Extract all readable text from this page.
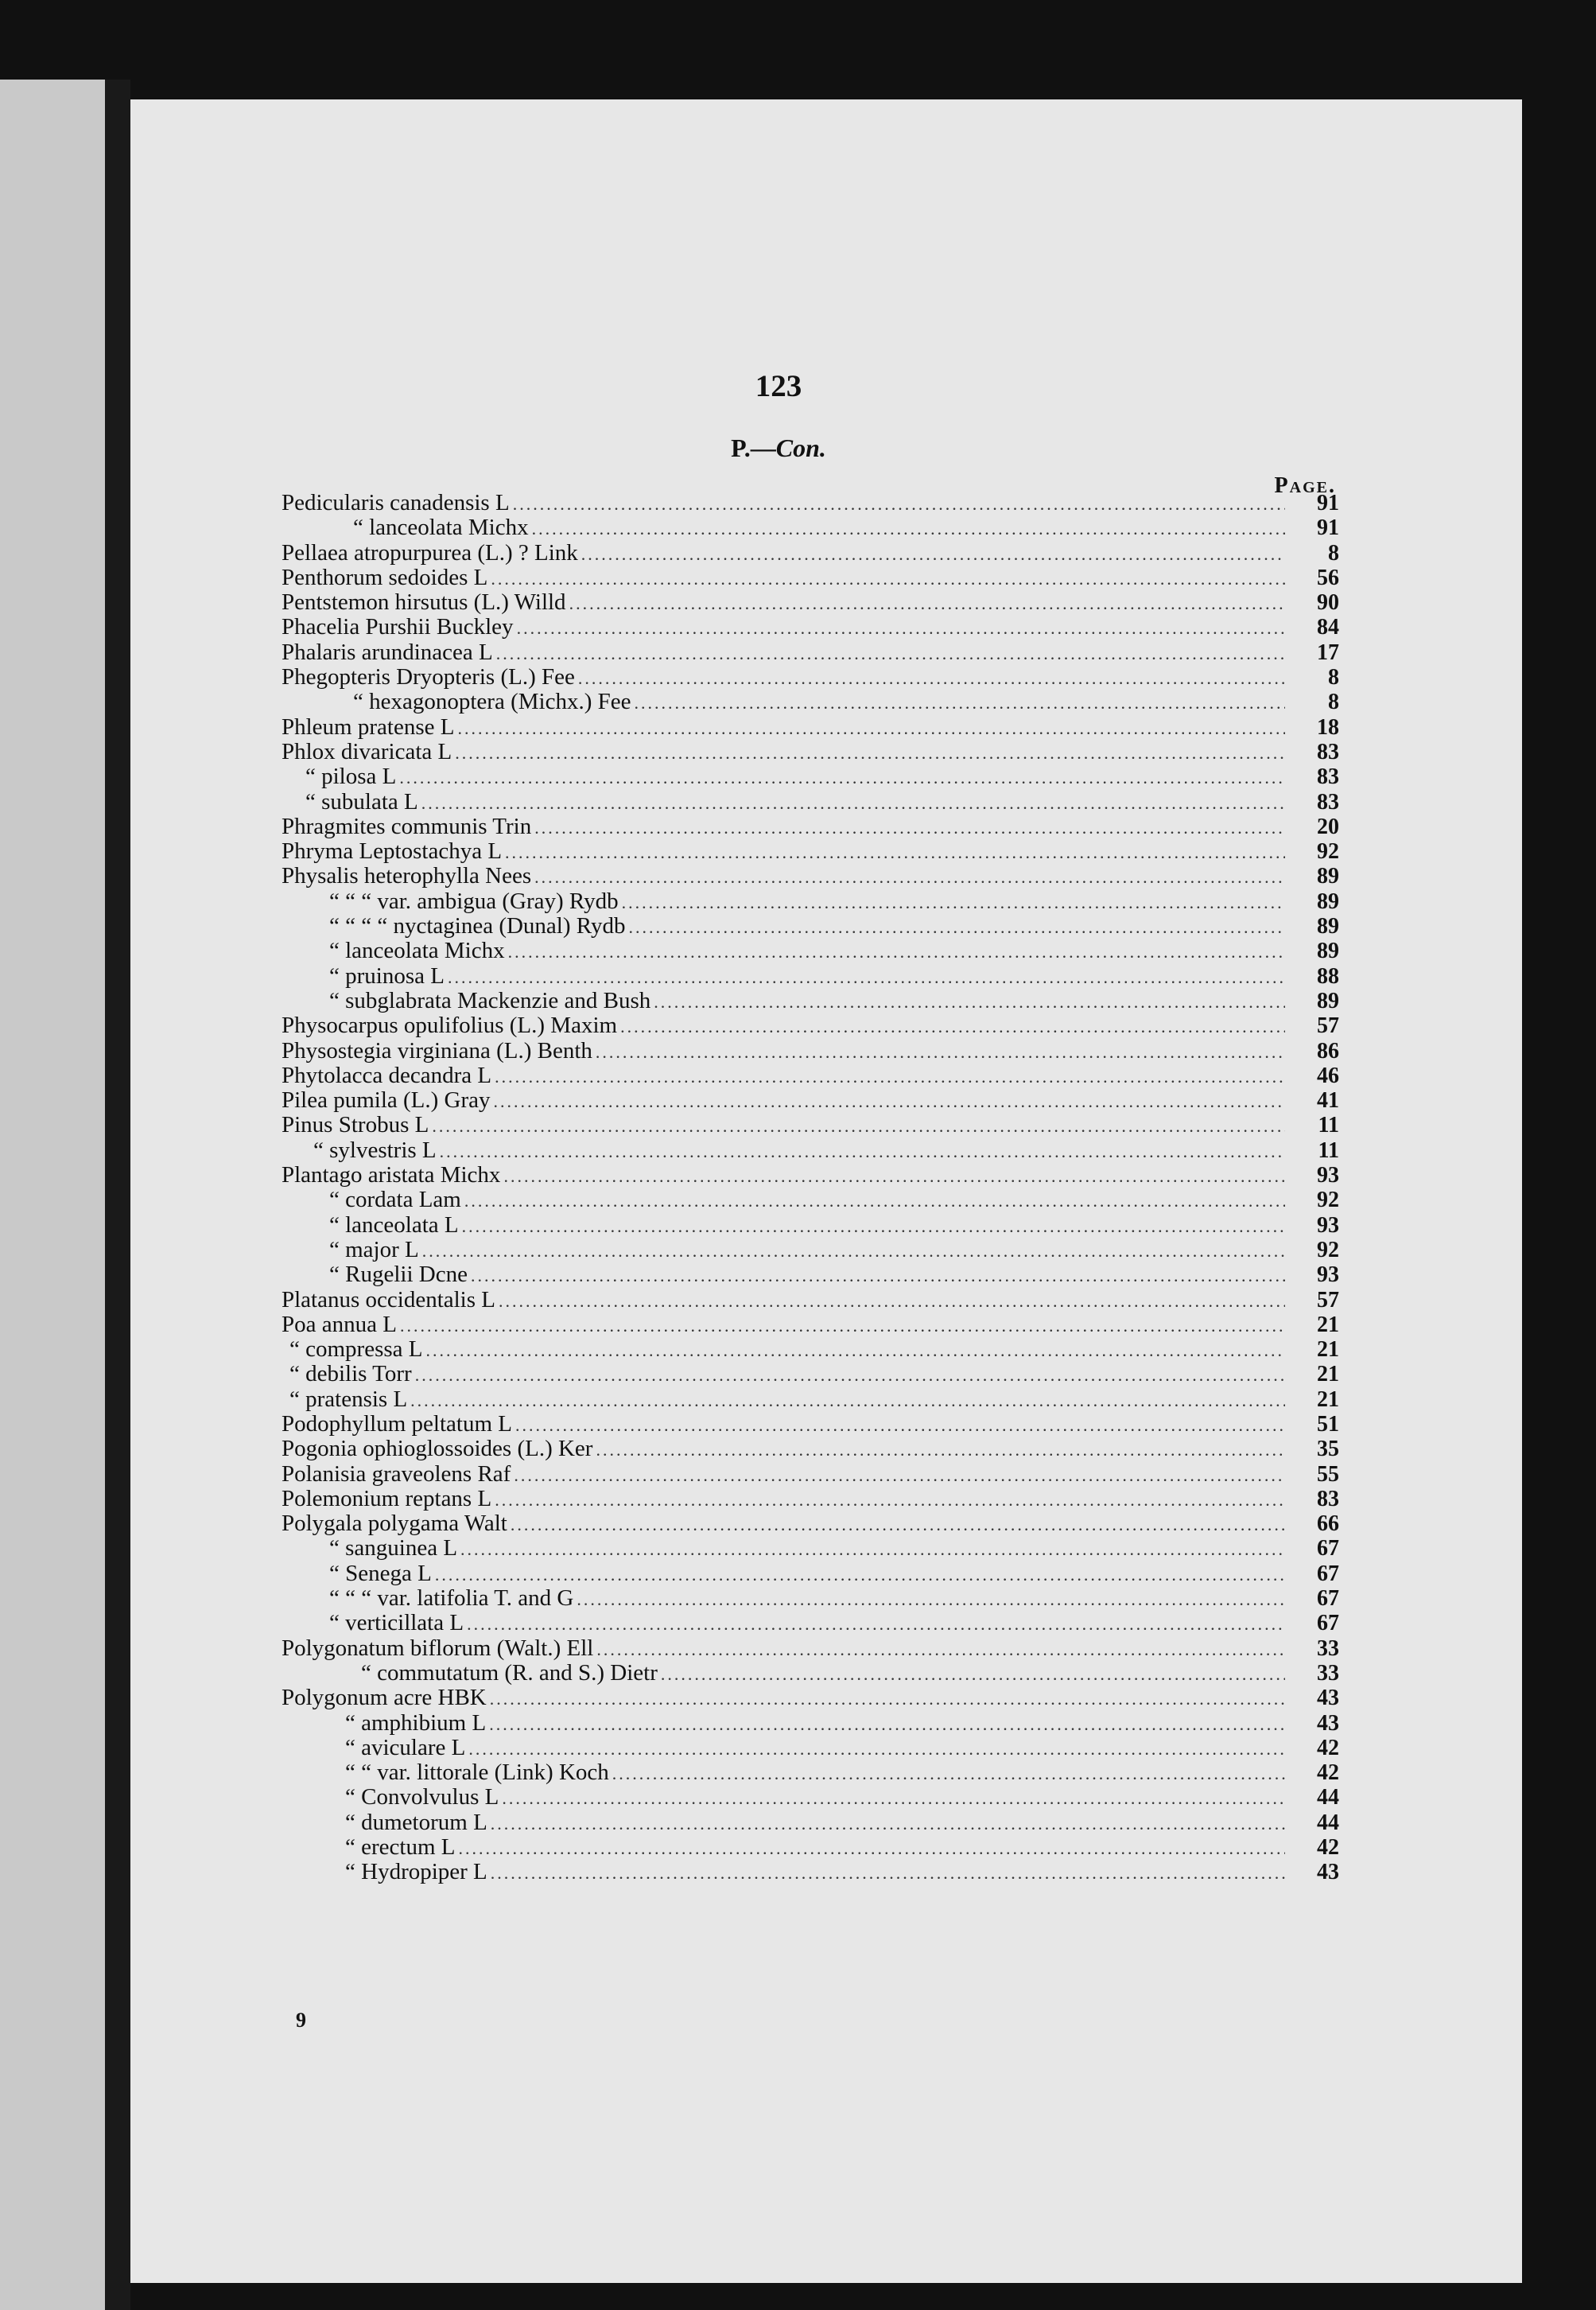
123
P.—Con.
Page.
Pedicularis canadensis L .....	91
“ lanceolata Michx .....	91
Pellaea atropurpurea (L.) ? Link .....	8
Penthorum sedoides L .....	56
Pentstemon hirsutus (L.) Willd .....	90
Phacelia Purshii Buckley .....	84
Phalaris arundinacea L .....	17
Phegopteris Dryopteris (L.) Fee .....	8
“ hexagonoptera (Michx.) Fee .....	8
Phleum pratense L .....	18
Phlox divaricata L .....	83
“ pilosa L .....	83
“ subulata L .....	83
Phragmites communis Trin .....	20
Phryma Leptostachya L .....	92
Physalis heterophylla Nees .....	89
“ “ “ var. ambigua (Gray) Rydb .....	89
“ “ “ “ nyctaginea (Dunal) Rydb .....	89
“ lanceolata Michx .....	89
“ pruinosa L .....	88
“ subglabrata Mackenzie and Bush .....	89
Physocarpus opulifolius (L.) Maxim .....	57
Physostegia virginiana (L.) Benth .....	86
Phytolacca decandra L .....	46
Pilea pumila (L.) Gray .....	41
Pinus Strobus L .....	11
“ sylvestris L .....	11
Plantago aristata Michx .....	93
“ cordata Lam .....	92
“ lanceolata L .....	93
“ major L .....	92
“ Rugelii Dcne .....	93
Platanus occidentalis L .....	57
Poa annua L .....	21
“ compressa L .....	21
“ debilis Torr .....	21
“ pratensis L .....	21
Podophyllum peltatum L .....	51
Pogonia ophioglossoides (L.) Ker .....	35
Polanisia graveolens Raf .....	55
Polemonium reptans L .....	83
Polygala polygama Walt .....	66
“ sanguinea L .....	67
“ Senega L .....	67
“ “ “ var. latifolia T. and G .....	67
“ verticillata L .....	67
Polygonatum biflorum (Walt.) Ell .....	33
“ commutatum (R. and S.) Dietr .....	33
Polygonum acre HBK .....	43
“ amphibium L .....	43
“ aviculare L .....	42
“ “ var. littorale (Link) Koch .....	42
“ Convolvulus L .....	44
“ dumetorum L .....	44
“ erectum L .....	42
“ Hydropiper L .....	43
9
